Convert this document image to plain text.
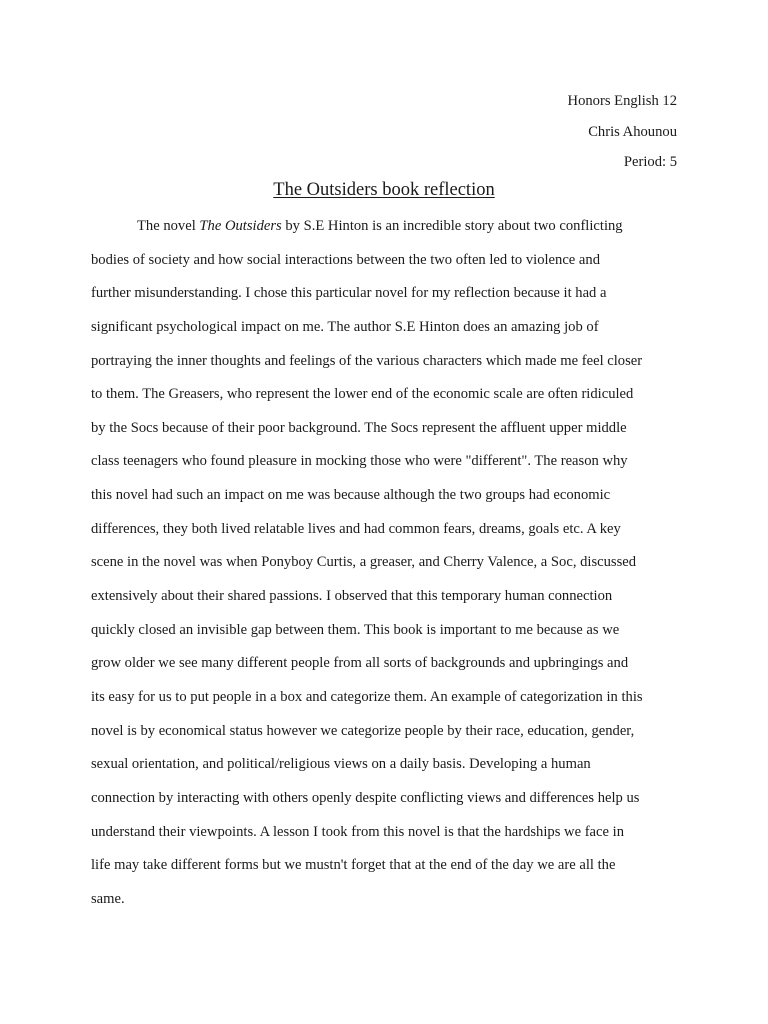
Honors English 12
Chris Ahounou
Period: 5
The Outsiders book reflection
The novel The Outsiders by S.E Hinton is an incredible story about two conflicting
bodies of society and how social interactions between the two often led to violence and
further misunderstanding. I chose this particular novel for my reflection because it had a
significant psychological impact on me. The author S.E Hinton does an amazing job of
portraying the inner thoughts and feelings of the various characters which made me feel closer
to them. The Greasers, who represent the lower end of the economic scale are often ridiculed
by the Socs because of their poor background. The Socs represent the affluent upper middle
class teenagers who found pleasure in mocking those who were "different". The reason why
this novel had such an impact on me was because although the two groups had economic
differences, they both lived relatable lives and had common fears, dreams, goals etc. A key
scene in the novel was when Ponyboy Curtis, a greaser, and Cherry Valence, a Soc, discussed
extensively about their shared passions. I observed that this temporary human connection
quickly closed an invisible gap between them. This book is important to me because as we
grow older we see many different people from all sorts of backgrounds and upbringings and
its easy for us to put people in a box and categorize them. An example of categorization in this
novel is by economical status however we categorize people by their race, education, gender,
sexual orientation, and political/religious views on a daily basis. Developing a human
connection by interacting with others openly despite conflicting views and differences help us
understand their viewpoints. A lesson I took from this novel is that the hardships we face in
life may take different forms but we mustn't forget that at the end of the day we are all the
same.
